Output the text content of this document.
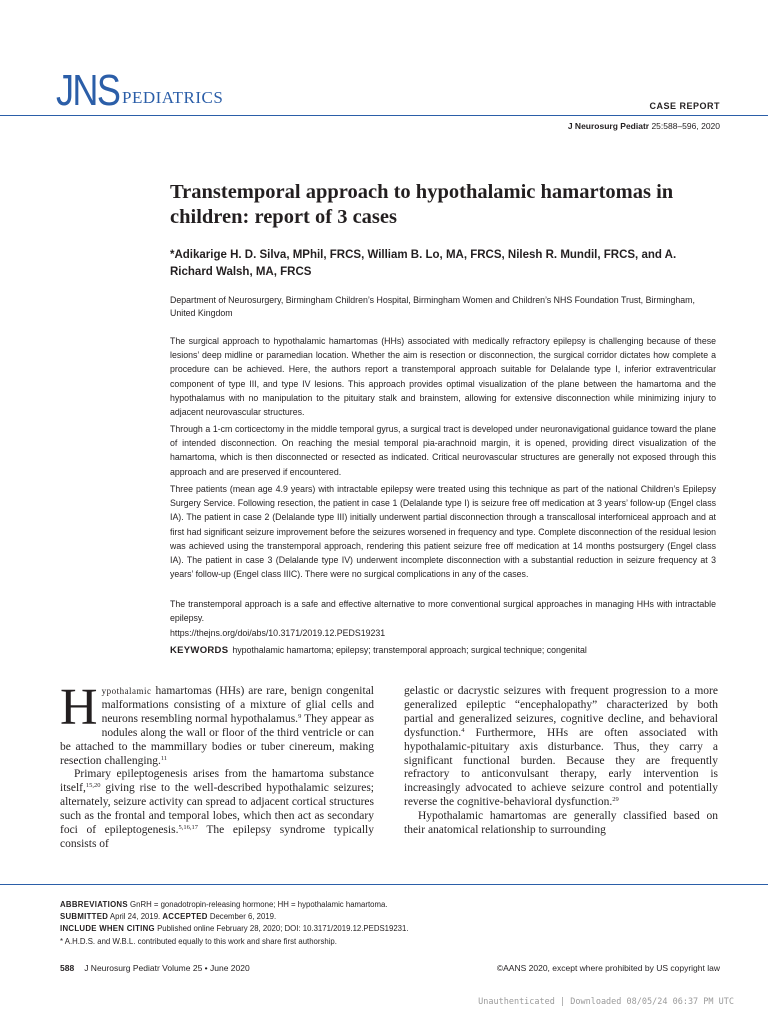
JNS PEDIATRICS	CASE REPORT
J Neurosurg Pediatr 25:588–596, 2020
Transtemporal approach to hypothalamic hamartomas in children: report of 3 cases
*Adikarige H. D. Silva, MPhil, FRCS, William B. Lo, MA, FRCS, Nilesh R. Mundil, FRCS, and A. Richard Walsh, MA, FRCS
Department of Neurosurgery, Birmingham Children’s Hospital, Birmingham Women and Children’s NHS Foundation Trust, Birmingham, United Kingdom

The surgical approach to hypothalamic hamartomas (HHs) associated with medically refractory epilepsy is challenging because of these lesions’ deep midline or paramedian location. Whether the aim is resection or disconnection, the surgical corridor dictates how complete a procedure can be achieved. Here, the authors report a transtemporal approach suitable for Delalande type I, inferior extraventricular component of type III, and type IV lesions. This approach provides optimal visualization of the plane between the hamartoma and the hypothalamus with no manipulation to the pituitary stalk and brainstem, allowing for extensive disconnection while minimizing injury to adjacent neurovascular structures.

Through a 1-cm corticectomy in the middle temporal gyrus, a surgical tract is developed under neuronavigational guidance toward the plane of intended disconnection. On reaching the mesial temporal pia-arachnoid margin, it is opened, providing direct visualization of the hamartoma, which is then disconnected or resected as indicated. Critical neurovascular structures are generally not exposed through this approach and are preserved if encountered.

Three patients (mean age 4.9 years) with intractable epilepsy were treated using this technique as part of the national Children’s Epilepsy Surgery Service. Following resection, the patient in case 1 (Delalande type I) is seizure free off medication at 3 years’ follow-up (Engel class IA). The patient in case 2 (Delalande type III) initially underwent partial disconnection through a transcallosal interforniceal approach and at first had significant seizure improvement before the seizures worsened in frequency and type. Complete disconnection of the residual lesion was achieved using the transtemporal approach, rendering this patient seizure free off medication at 14 months postsurgery (Engel class IA). The patient in case 3 (Delalande type IV) underwent incomplete disconnection with a substantial reduction in seizure frequency at 3 years’ follow-up (Engel class IIIC). There were no surgical complications in any of the cases.

The transtemporal approach is a safe and effective alternative to more conventional surgical approaches in managing HHs with intractable epilepsy.

https://thejns.org/doi/abs/10.3171/2019.12.PEDS19231
KEYWORDS hypothalamic hamartoma; epilepsy; transtemporal approach; surgical technique; congenital

Hypothalamic hamartomas (HHs) are rare, benign congenital malformations consisting of a mixture of glial cells and neurons resembling normal hypothalamus.$^9$ They appear as nodules along the wall or floor of the third ventricle or can be attached to the mammillary bodies or tuber cinereum, making resection challenging.$^{11}$

Primary epileptogenesis arises from the hamartoma substance itself,$^{15,20}$ giving rise to the well-described hypothalamic seizures; alternately, seizure activity can spread to adjacent cortical structures such as the frontal and temporal lobes, which then act as secondary foci of epileptogenesis.$^{5,16,17}$ The epilepsy syndrome typically consists of

gelastic or dacrystic seizures with frequent progression to a more generalized epileptic “encephalopathy” characterized by both partial and generalized seizures, cognitive decline, and behavioral dysfunction.$^4$ Furthermore, HHs are often associated with hypothalamic-pituitary axis disturbance. Thus, they carry a significant functional burden. Because they are frequently refractory to anticonvulsant therapy, early intervention is increasingly advocated to achieve seizure control and potentially reverse the cognitive-behavioral dysfunction.$^{29}$

Hypothalamic hamartomas are generally classified based on their anatomical relationship to surrounding

ABBREVIATIONS GnRH = gonadotropin-releasing hormone; HH = hypothalamic hamartoma.
SUBMITTED April 24, 2019. ACCEPTED December 6, 2019.
INCLUDE WHEN CITING Published online February 28, 2020; DOI: 10.3171/2019.12.PEDS19231.
* A.H.D.S. and W.B.L. contributed equally to this work and share first authorship.
588 J Neurosurg Pediatr Volume 25 • June 2020	©AANS 2020, except where prohibited by US copyright law
Unauthenticated | Downloaded 08/05/24 06:37 PM UTC
